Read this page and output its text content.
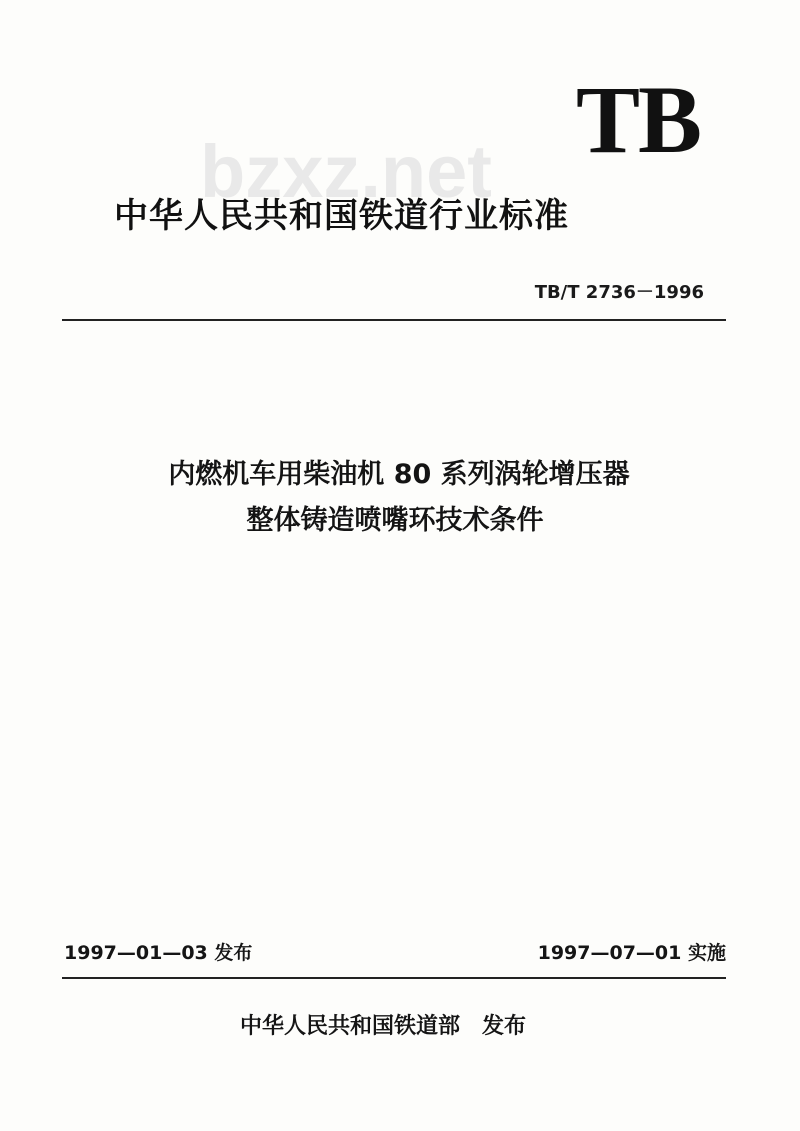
bzxz.net TB
中华人民共和国铁道行业标准
TB/T 2736－1996
内燃机车用柴油机 80 系列涡轮增压器
整体铸造喷嘴环技术条件
1997—01—03 发布	1997—07—01 实施
中华人民共和国铁道部 发布
